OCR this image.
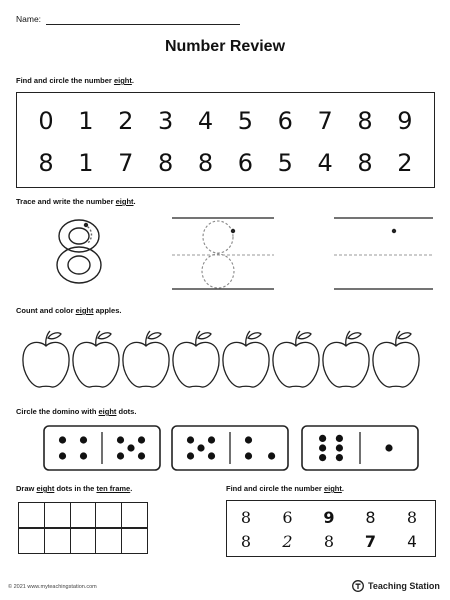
Name:
Number Review
Find and circle the number eight.
0	1	2	3	4	5	6	7	8	9
8	1	7	8	8	6	5	4	8	2
Trace and write the number eight.
Count and color eight apples.
Circle the domino with eight dots.
Draw eight dots in the ten frame.	Find and circle the number eight.
8	6	9	8	8
8	2	8	7	4
© 2021 www.myteachingstation.com	Teaching Station
